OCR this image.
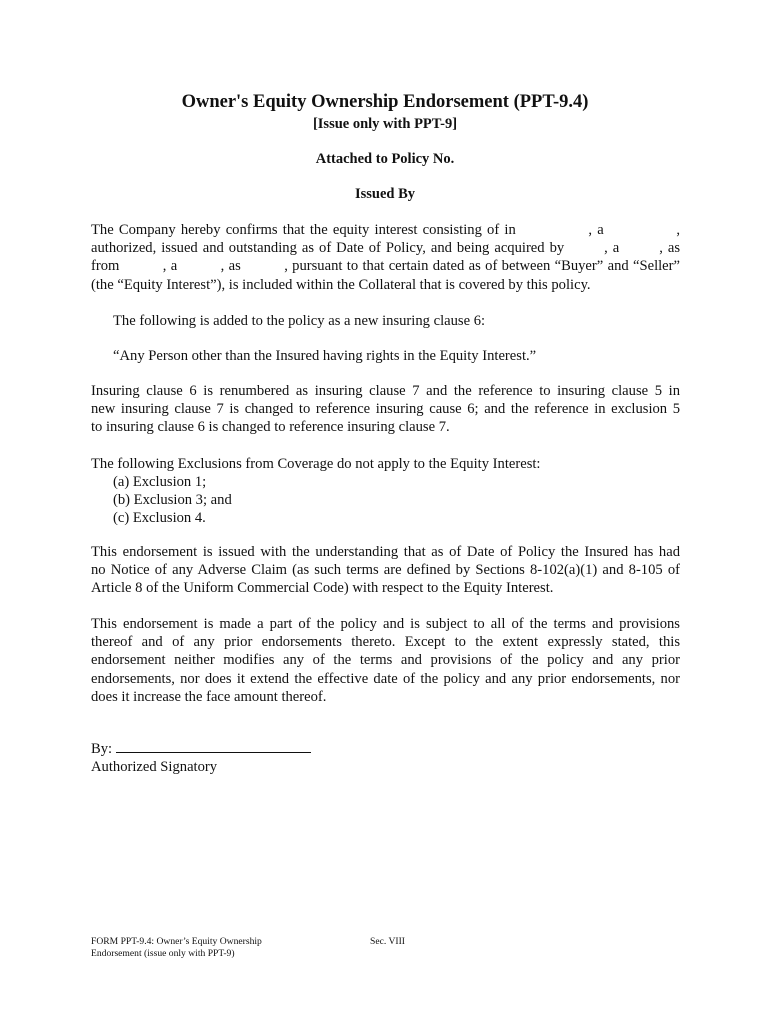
Owner's Equity Ownership Endorsement (PPT-9.4)

[Issue only with PPT-9]

Attached to Policy No.

Issued By

The Company hereby confirms that the equity interest consisting of in              , a              ,
authorized, issued and outstanding as of Date of Policy, and being acquired by        , a        , as
from          , a          , as          , pursuant to that certain dated as of between “Buyer” and “Seller”
(the “Equity Interest”), is included within the Collateral that is covered by this policy.

The following is added to the policy as a new insuring clause 6:

“Any Person other than the Insured having rights in the Equity Interest.”

Insuring clause 6 is renumbered as insuring clause 7 and the reference to insuring clause 5 in
new insuring clause 7 is changed to reference insuring cause 6; and the reference in exclusion 5
to insuring clause 6 is changed to reference insuring clause 7.

The following Exclusions from Coverage do not apply to the Equity Interest:

(a) Exclusion 1;
(b) Exclusion 3; and
(c) Exclusion 4.
This endorsement is issued with the understanding that as of Date of Policy the Insured has had
no Notice of any Adverse Claim (as such terms are defined by Sections 8-102(a)(1) and 8-105 of
Article 8 of the Uniform Commercial Code) with respect to the Equity Interest.
This endorsement is made a part of the policy and is subject to all of the terms and provisions
thereof and of any prior endorsements thereto. Except to the extent expressly stated, this
endorsement neither modifies any of the terms and provisions of the policy and any prior
endorsements, nor does it extend the effective date of the policy and any prior endorsements, nor
does it increase the face amount thereof.

By:

Authorized Signatory

FORM PPT-9.4: Owner’s Equity Ownership
Endorsement (issue only with PPT-9)

Sec. VIII
